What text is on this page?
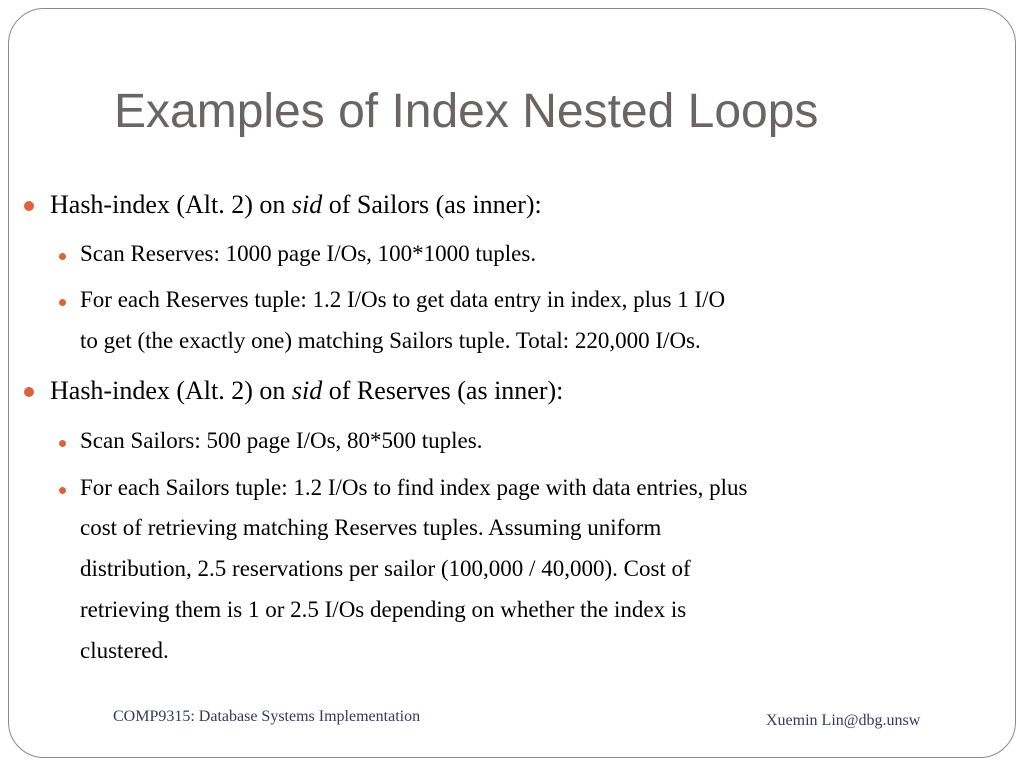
Examples of Index Nested Loops
Hash-index (Alt. 2) on sid of Sailors (as inner):
Scan Reserves: 1000 page I/Os, 100*1000 tuples.
For each Reserves tuple: 1.2 I/Os to get data entry in index, plus 1 I/O
to get (the exactly one) matching Sailors tuple. Total: 220,000 I/Os.
Hash-index (Alt. 2) on sid of Reserves (as inner):
Scan Sailors: 500 page I/Os, 80*500 tuples.
For each Sailors tuple: 1.2 I/Os to find index page with data entries, plus
cost of retrieving matching Reserves tuples. Assuming uniform
distribution, 2.5 reservations per sailor (100,000 / 40,000). Cost of
retrieving them is 1 or 2.5 I/Os depending on whether the index is
clustered.
COMP9315: Database Systems Implementation	Xuemin Lin@dbg.unsw
